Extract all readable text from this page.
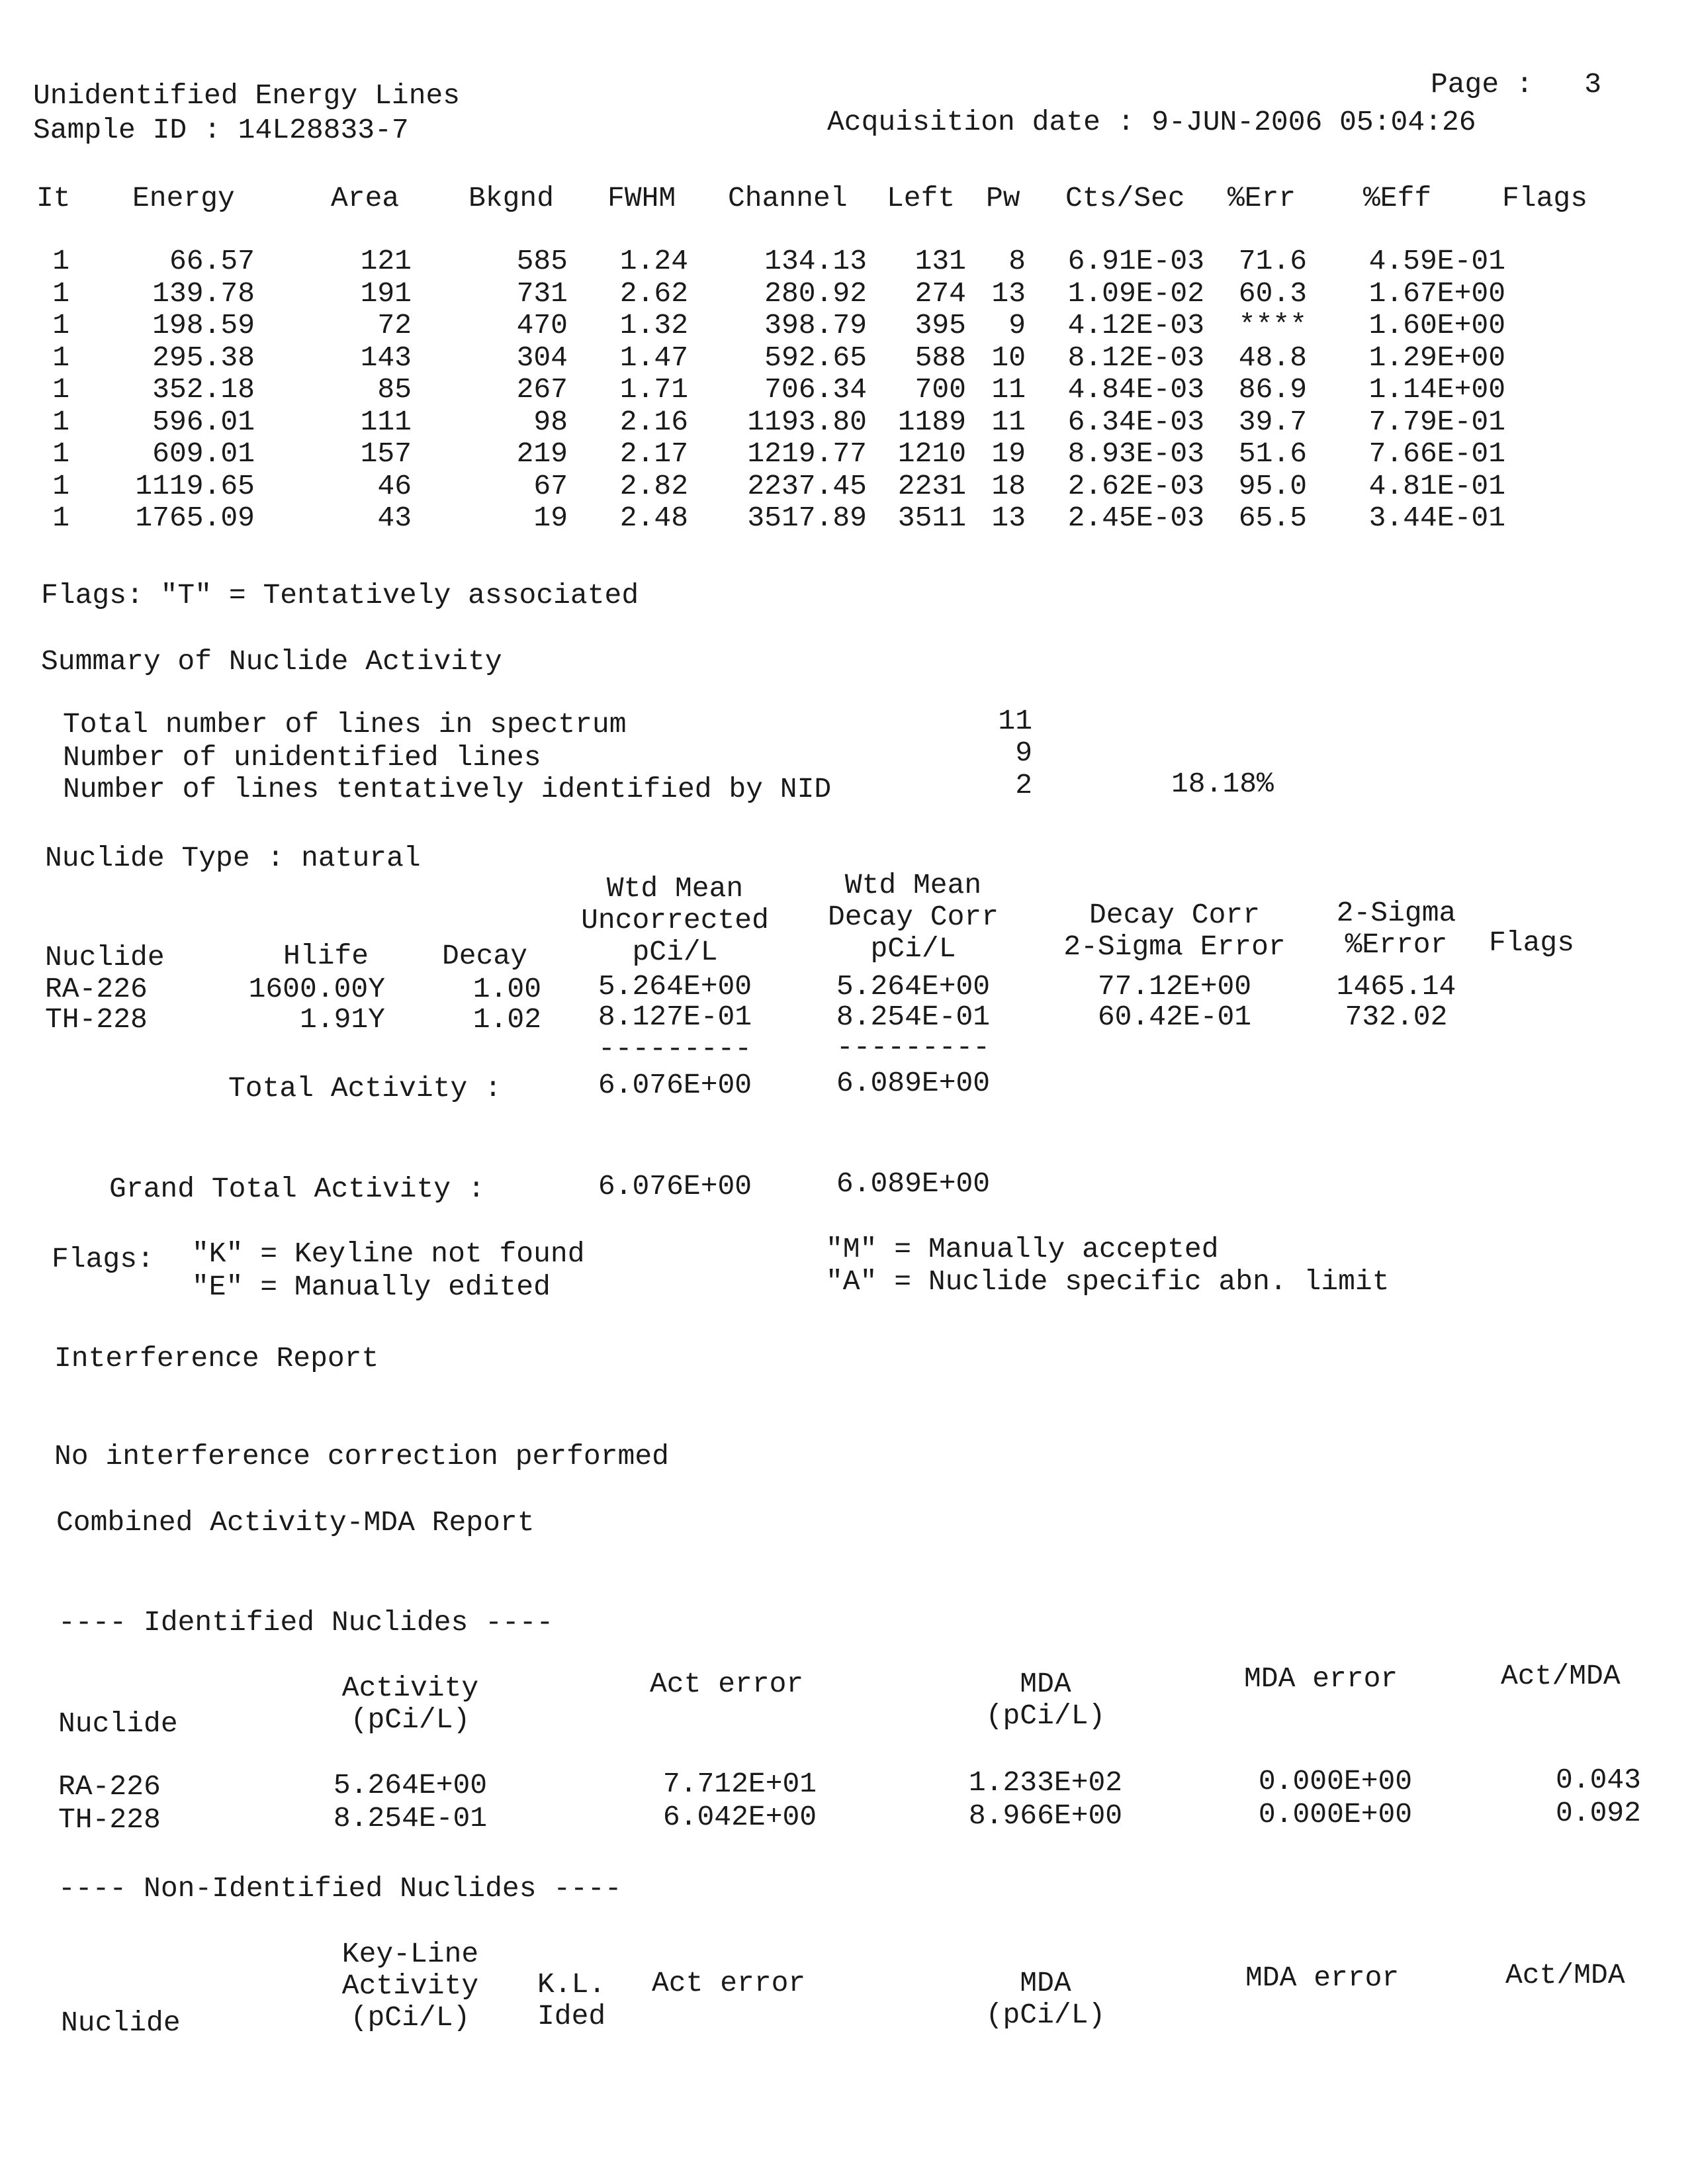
Unidentified Energy Lines
Sample ID : 14L28833-7
Page :   3
Acquisition date : 9-JUN-2006 05:04:26
It Energy	Area Bkgnd FWHM Channel Left Pw Cts/Sec %Err %Eff Flags
1	66.57	121	585	1.24	134.13	131	8	6.91E-03	71.6	4.59E-01
1	139.78	191	731	2.62	280.92	274 13	1.09E-02	60.3	1.67E+00
1	198.59	72	470	1.32	398.79	395	9	4.12E-03	****	1.60E+00
1	295.38	143	304	1.47	592.65	588 10	8.12E-03	48.8	1.29E+00
1	352.18	85	267	1.71	706.34	700 11	4.84E-03	86.9	1.14E+00
1	596.01	111	98	2.16	1193.80	1189 11	6.34E-03	39.7	7.79E-01
1	609.01	157	219	2.17	1219.77	1210 19	8.93E-03	51.6	7.66E-01
1	1119.65	46	67	2.82	2237.45	2231 18	2.62E-03	95.0	4.81E-01
1	1765.09	43	19	2.48	3517.89	3511 13	2.45E-03	65.5	3.44E-01
Flags: "T" = Tentatively associated
Summary of Nuclide Activity
Total number of lines in spectrum	11
Number of unidentified lines	9
Number of lines tentatively identified by NID	2	18.18%
Nuclide Type : natural
Wtd Mean
Uncorrected
pCi/L
Wtd Mean
Decay Corr
pCi/L
Decay Corr
2-Sigma Error
2-Sigma
%Error	Flags
Nuclide	Hlife	Decay
RA-226	1600.00Y	1.00	5.264E+00	5.264E+00	77.12E+00	1465.14
TH-228	1.91Y	1.02	8.127E-01	8.254E-01	60.42E-01	732.02
---------	---------
Total Activity :	6.076E+00	6.089E+00
Grand Total Activity :	6.076E+00	6.089E+00
Flags: "K" = Keyline not found
"E" = Manually edited
"M" = Manually accepted
"A" = Nuclide specific abn. limit
Interference Report
No interference correction performed
Combined Activity-MDA Report
---- Identified Nuclides ----
Nuclide
Activity
(pCi/L)
Act error	MDA
(pCi/L)
MDA error	Act/MDA
RA-226	5.264E+00	7.712E+01	1.233E+02	0.000E+00	0.043
TH-228	8.254E-01	6.042E+00	8.966E+00	0.000E+00	0.092
---- Non-Identified Nuclides ----
Key-Line
Activity
(pCi/L)
K.L.
Ided
Act error	MDA
(pCi/L)
MDA error	Act/MDA
Nuclide
